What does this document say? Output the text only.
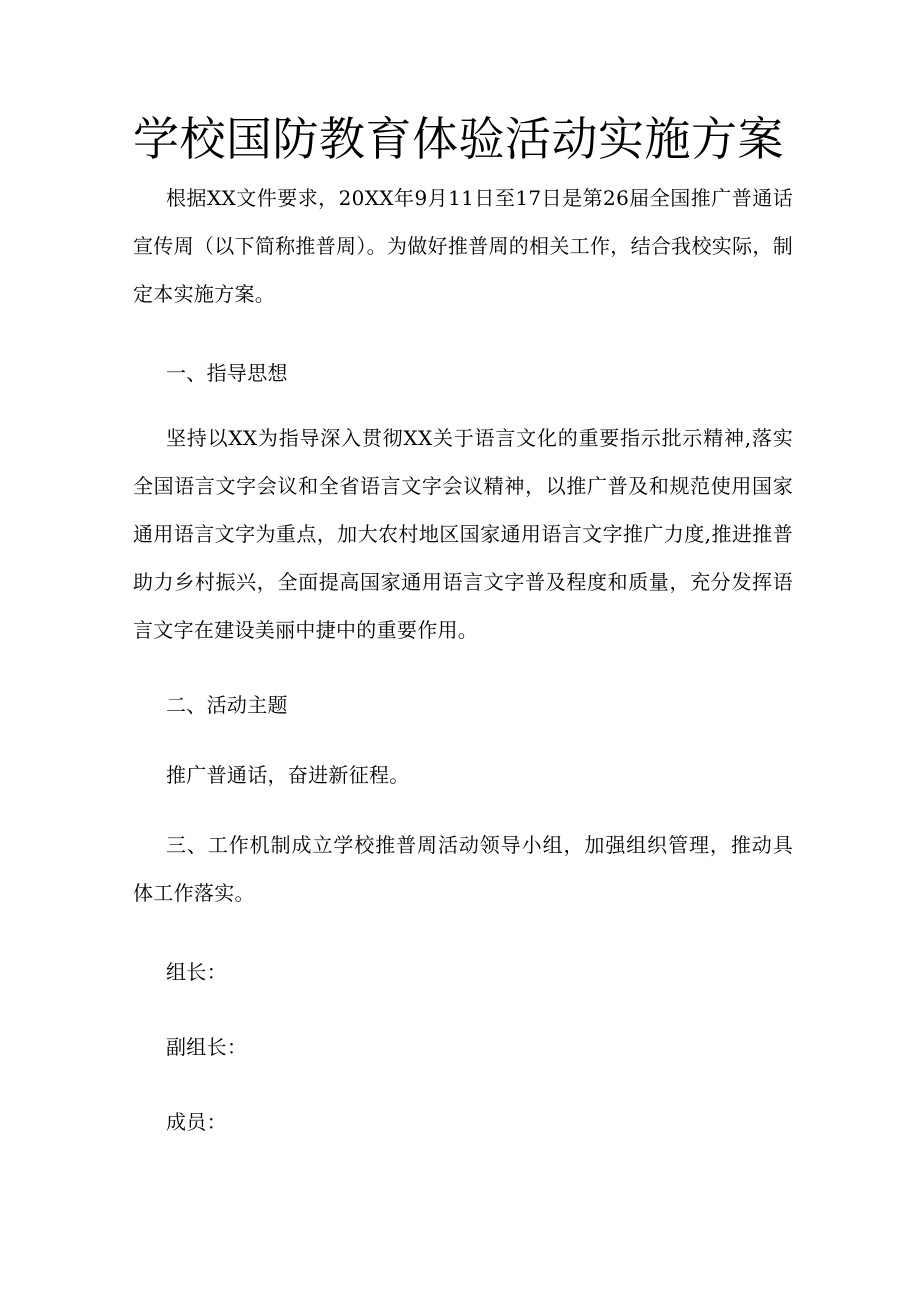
学校国防教育体验活动实施方案

根据XX文件要求，20XX年9月11日至17日是第26届全国推广普通话宣传周（以下简称推普周）。为做好推普周的相关工作，结合我校实际，制定本实施方案。

一、指导思想

坚持以XX为指导深入贯彻XX关于语言文化的重要指示批示精神,落实全国语言文字会议和全省语言文字会议精神，以推广普及和规范使用国家通用语言文字为重点，加大农村地区国家通用语言文字推广力度,推进推普助力乡村振兴，全面提高国家通用语言文字普及程度和质量，充分发挥语言文字在建设美丽中捷中的重要作用。

二、活动主题

推广普通话，奋进新征程。

三、工作机制成立学校推普周活动领导小组，加强组织管理，推动具体工作落实。

组长：

副组长：

成员：
